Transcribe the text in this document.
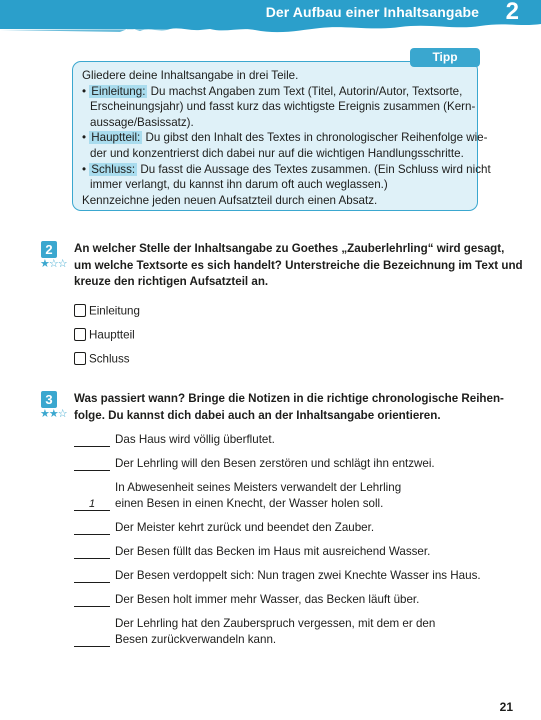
Der Aufbau einer Inhaltsangabe 2
Tipp
Gliedere deine Inhaltsangabe in drei Teile.
• Einleitung: Du machst Angaben zum Text (Titel, Autorin/Autor, Textsorte,
Erscheinungsjahr) und fasst kurz das wichtigste Ereignis zusammen (Kern-
aussage/Basissatz).
• Hauptteil: Du gibst den Inhalt des Textes in chronologischer Reihenfolge wie-
der und konzentrierst dich dabei nur auf die wichtigen Handlungsschritte.
• Schluss: Du fasst die Aussage des Textes zusammen. (Ein Schluss wird nicht
immer verlangt, du kannst ihn darum oft auch weglassen.)
Kennzeichne jeden neuen Aufsatzteil durch einen Absatz.
2
★☆☆
An welcher Stelle der Inhaltsangabe zu Goethes „Zauberlehrling“ wird gesagt,
um welche Textsorte es sich handelt? Unterstreiche die Bezeichnung im Text und
kreuze den richtigen Aufsatzteil an.
Einleitung
Hauptteil
Schluss
3
★★☆
Was passiert wann? Bringe die Notizen in die richtige chronologische Reihen-
folge. Du kannst dich dabei auch an der Inhaltsangabe orientieren.
Das Haus wird völlig überflutet.
Der Lehrling will den Besen zerstören und schlägt ihn entzwei.
In Abwesenheit seines Meisters verwandelt der Lehrling
1	einen Besen in einen Knecht, der Wasser holen soll.
Der Meister kehrt zurück und beendet den Zauber.
Der Besen füllt das Becken im Haus mit ausreichend Wasser.
Der Besen verdoppelt sich: Nun tragen zwei Knechte Wasser ins Haus.
Der Besen holt immer mehr Wasser, das Becken läuft über.
Der Lehrling hat den Zauberspruch vergessen, mit dem er den
Besen zurückverwandeln kann.
21
